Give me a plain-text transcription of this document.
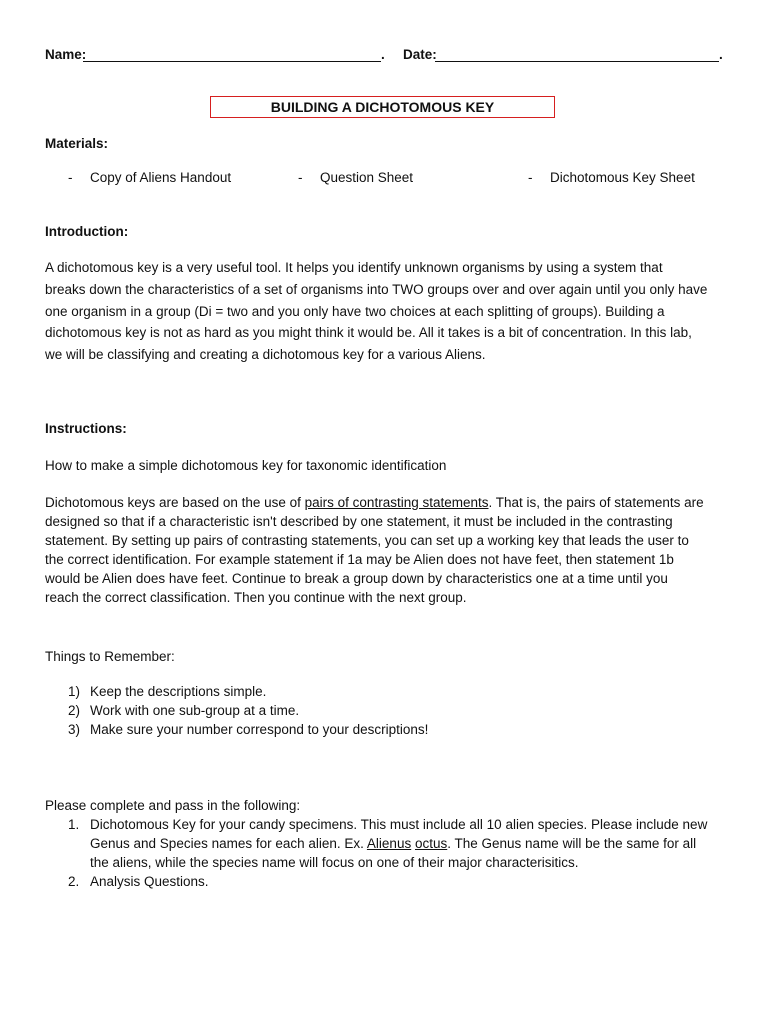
Name:	. Date:	.
BUILDING A DICHOTOMOUS KEY
Materials:
- Copy of Aliens Handout	- Question Sheet	- Dichotomous Key Sheet
Introduction:

A dichotomous key is a very useful tool. It helps you identify unknown organisms by using a system that

breaks down the characteristics of a set of organisms into TWO groups over and over again until you only have

one organism in a group (Di = two and you only have two choices at each splitting of groups). Building a

dichotomous key is not as hard as you might think it would be. All it takes is a bit of concentration. In this lab,

we will be classifying and creating a dichotomous key for a various Aliens.

Instructions:
How to make a simple dichotomous key for taxonomic identification

Dichotomous keys are based on the use of pairs of contrasting statements. That is, the pairs of statements are

designed so that if a characteristic isn't described by one statement, it must be included in the contrasting

statement. By setting up pairs of contrasting statements, you can set up a working key that leads the user to

the correct identification. For example statement if 1a may be Alien does not have feet, then statement 1b

would be Alien does have feet. Continue to break a group down by characteristics one at a time until you

reach the correct classification. Then you continue with the next group.

Things to Remember:
1) Keep the descriptions simple.
2) Work with one sub-group at a time.
3) Make sure your number correspond to your descriptions!
Please complete and pass in the following:
1. Dichotomous Key for your candy specimens. This must include all 10 alien species. Please include new

Genus and Species names for each alien. Ex. Alienus octus. The Genus name will be the same for all

the aliens, while the species name will focus on one of their major characterisitics.

2. Analysis Questions.
